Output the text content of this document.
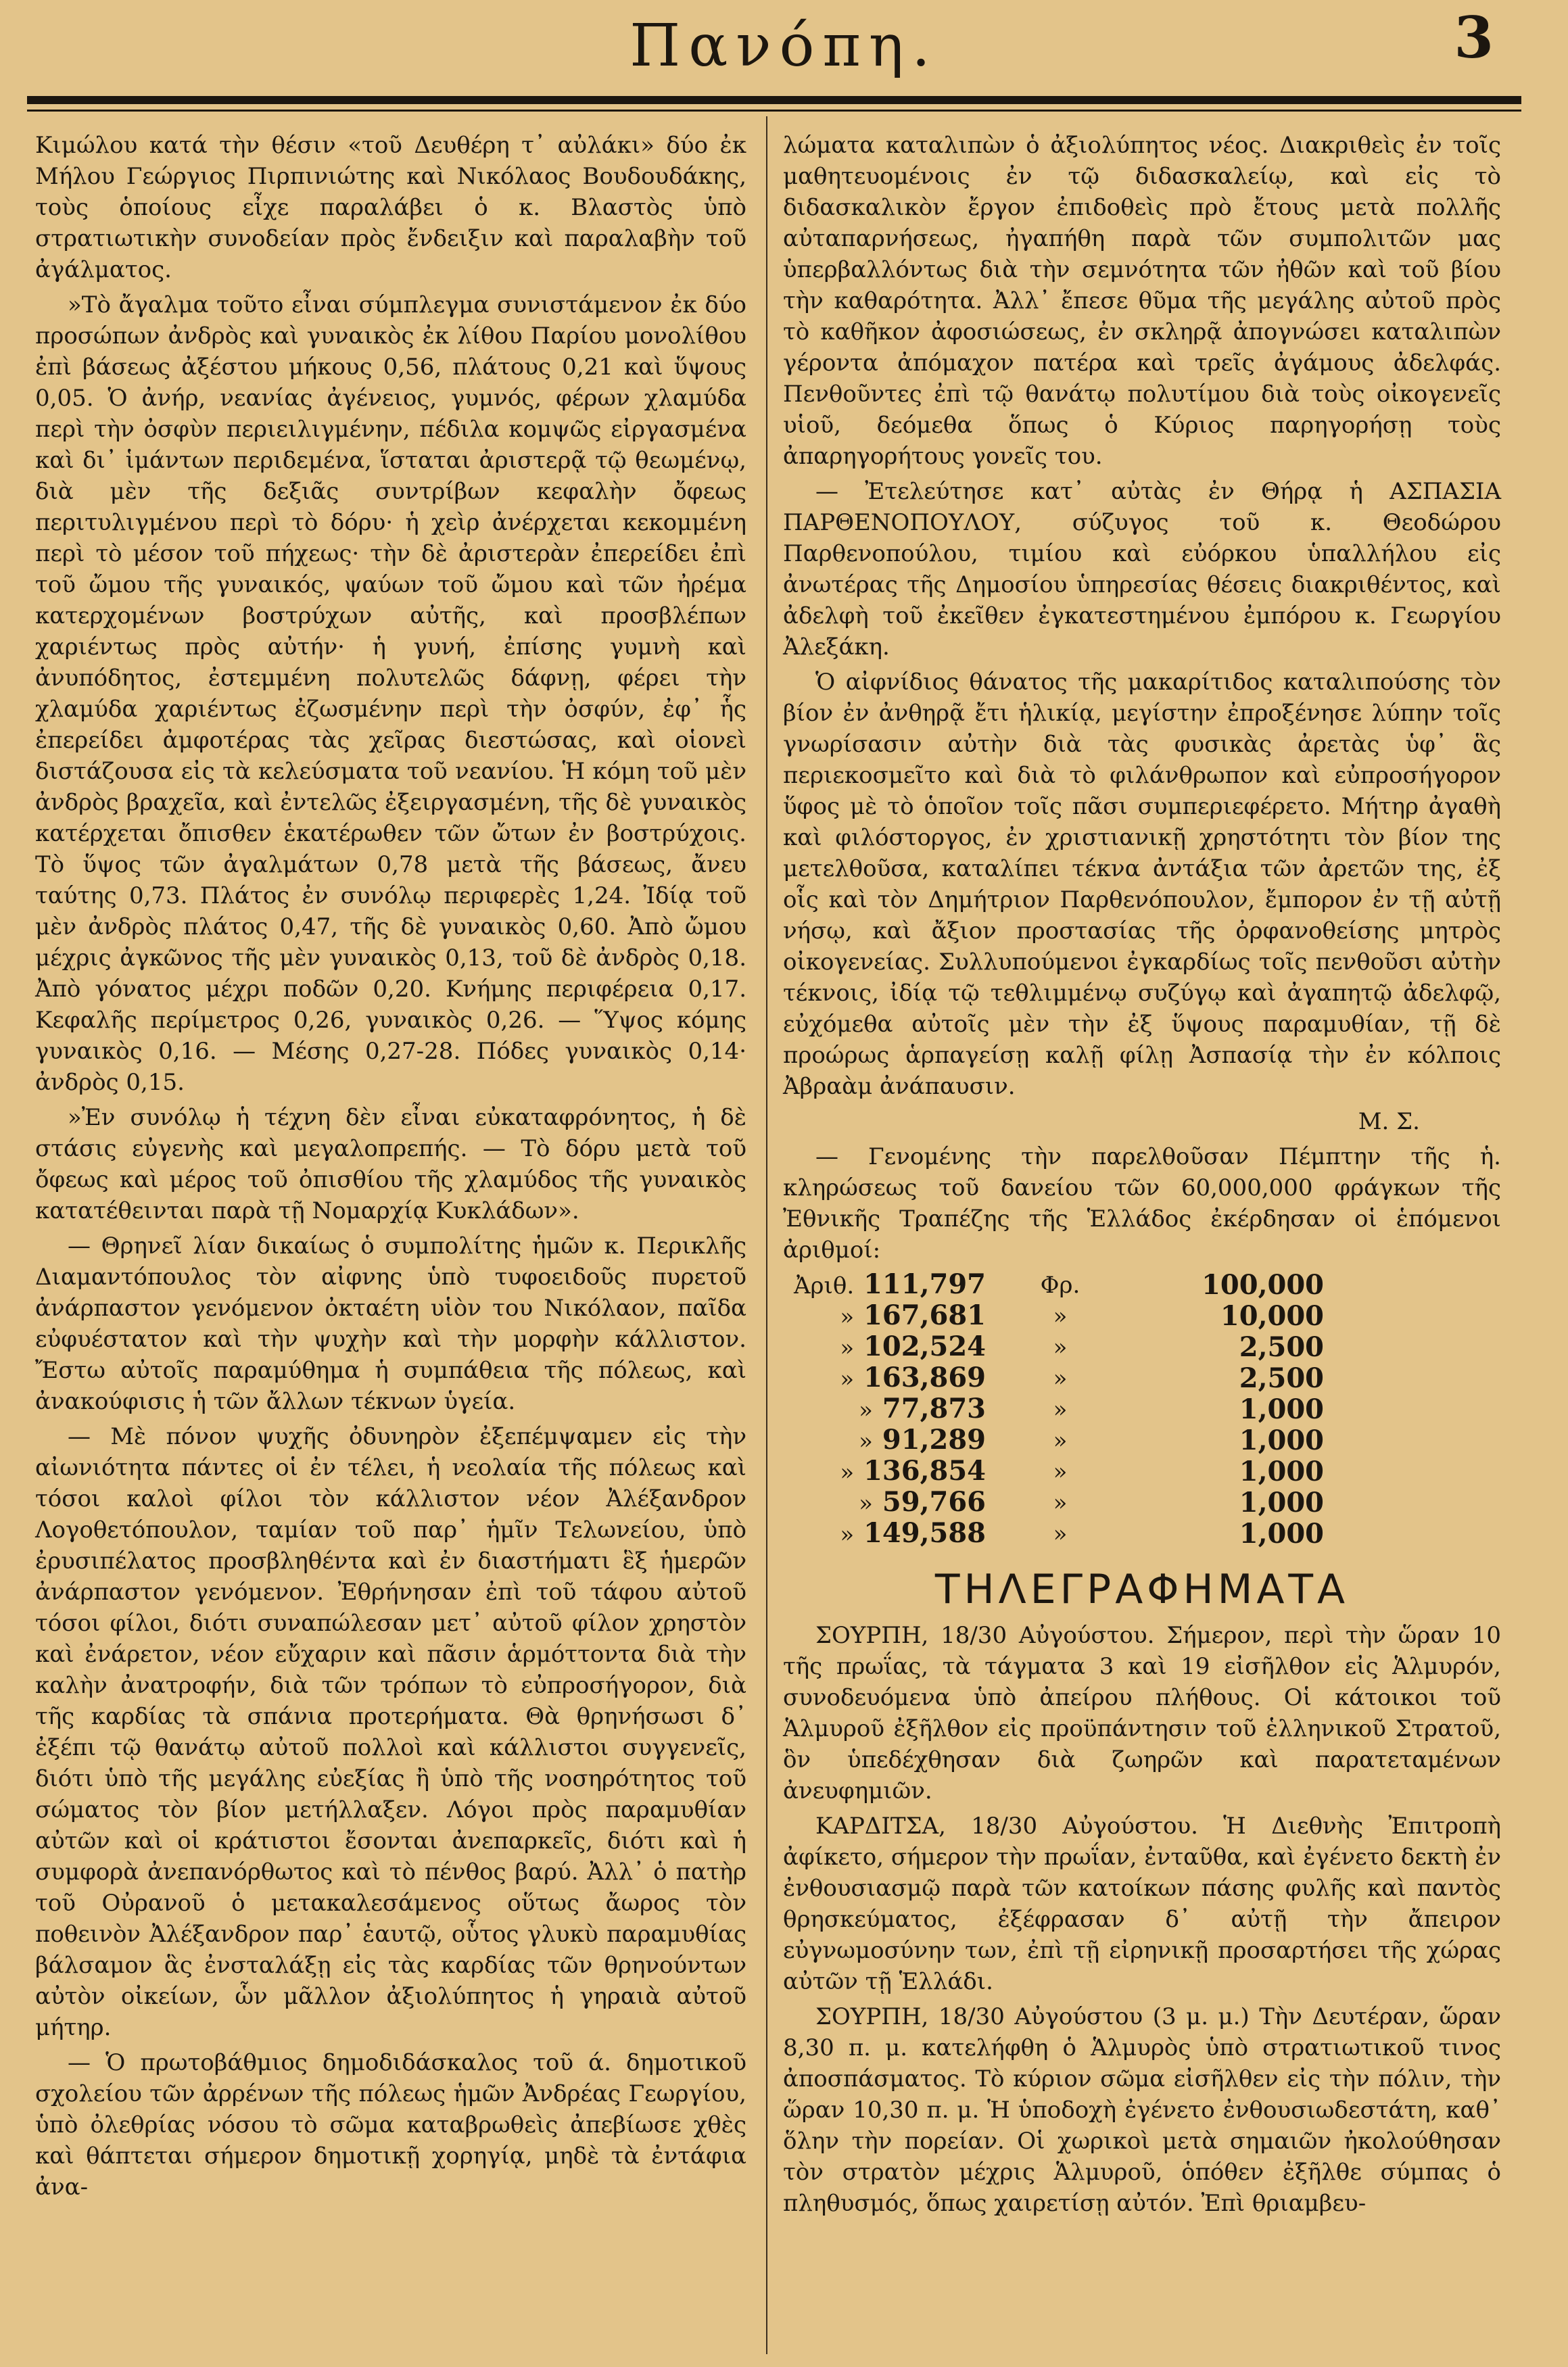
Πανόπη.	3

Κιμώλου κατά τὴν θέσιν «τοῦ Δευθέρη τ᾽ αὐλάκι» δύο ἐκ Μήλου Γεώργιος Πιρπινιώτης καὶ Νικόλαος Βουδουδάκης, τοὺς ὁποίους εἶχε παραλάβει ὁ κ. Βλαστὸς ὑπὸ στρατιωτικὴν συνοδείαν πρὸς ἔνδειξιν καὶ παραλαβὴν τοῦ ἀγάλματος.

»Τὸ ἄγαλμα τοῦτο εἶναι σύμπλεγμα συνιστάμενον ἐκ δύο προσώπων ἀνδρὸς καὶ γυναικὸς ἐκ λίθου Παρίου μονολίθου ἐπὶ βάσεως ἀξέστου μήκους 0,56, πλάτους 0,21 καὶ ὕψους 0,05. Ὁ ἀνήρ, νεανίας ἀγένειος, γυμνός, φέρων χλαμύδα περὶ τὴν ὀσφὺν περιειλιγμένην, πέδιλα κομψῶς εἰργασμένα καὶ δι᾽ ἱμάντων περιδεμένα, ἵσταται ἀριστερᾷ τῷ θεωμένῳ, διὰ μὲν τῆς δεξιᾶς συντρίβων κεφαλὴν ὄφεως περιτυλιγμένου περὶ τὸ δόρυ· ἡ χεὶρ ἀνέρχεται κεκομμένη περὶ τὸ μέσον τοῦ πήχεως· τὴν δὲ ἀριστερὰν ἐπερείδει ἐπὶ τοῦ ὤμου τῆς γυναικός, ψαύων τοῦ ὤμου καὶ τῶν ἠρέμα κατερχομένων βοστρύχων αὐτῆς, καὶ προσβλέπων χαριέντως πρὸς αὐτήν· ἡ γυνή, ἐπίσης γυμνὴ καὶ ἀνυπόδητος, ἐστεμμένη πολυτελῶς δάφνῃ, φέρει τὴν χλαμύδα χαριέντως ἐζωσμένην περὶ τὴν ὀσφύν, ἐφ᾽ ἧς ἐπερείδει ἀμφοτέρας τὰς χεῖρας διεστώσας, καὶ οἱονεὶ διστάζουσα εἰς τὰ κελεύσματα τοῦ νεανίου. Ἡ κόμη τοῦ μὲν ἀνδρὸς βραχεῖα, καὶ ἐντελῶς ἐξειργασμένη, τῆς δὲ γυναικὸς κατέρχεται ὄπισθεν ἑκατέρωθεν τῶν ὤτων ἐν βοστρύχοις. Τὸ ὕψος τῶν ἀγαλμάτων 0,78 μετὰ τῆς βάσεως, ἄνευ ταύτης 0,73. Πλάτος ἐν συνόλῳ περιφερὲς 1,24. Ἰδίᾳ τοῦ μὲν ἀνδρὸς πλάτος 0,47, τῆς δὲ γυναικὸς 0,60. Ἀπὸ ὤμου μέχρις ἀγκῶνος τῆς μὲν γυναικὸς 0,13, τοῦ δὲ ἀνδρὸς 0,18. Ἀπὸ γόνατος μέχρι ποδῶν 0,20. Κνήμης περιφέρεια 0,17. Κεφαλῆς περίμετρος 0,26, γυναικὸς 0,26. — Ὕψος κόμης γυναικὸς 0,16. — Μέσης 0,27-28. Πόδες γυναικὸς 0,14· ἀνδρὸς 0,15.

»Ἐν συνόλῳ ἡ τέχνη δὲν εἶναι εὐκαταφρόνητος, ἡ δὲ στάσις εὐγενὴς καὶ μεγαλοπρεπής. — Τὸ δόρυ μετὰ τοῦ ὄφεως καὶ μέρος τοῦ ὀπισθίου τῆς χλαμύδος τῆς γυναικὸς κατατέθεινται παρὰ τῇ Νομαρχίᾳ Κυκλάδων».

— Θρηνεῖ λίαν δικαίως ὁ συμπολίτης ἡμῶν κ. Περικλῆς Διαμαντόπουλος τὸν αἰφνης ὑπὸ τυφοειδοῦς πυρετοῦ ἀνάρπαστον γενόμενον ὀκταέτη υἱὸν του Νικόλαον, παῖδα εὐφυέστατον καὶ τὴν ψυχὴν καὶ τὴν μορφὴν κάλλιστον. Ἔστω αὐτοῖς παραμύθημα ἡ συμπάθεια τῆς πόλεως, καὶ ἀνακούφισις ἡ τῶν ἄλλων τέκνων ὑγεία.

— Μὲ πόνον ψυχῆς ὀδυνηρὸν ἐξεπέμψαμεν εἰς τὴν αἰωνιότητα πάντες οἱ ἐν τέλει, ἡ νεολαία τῆς πόλεως καὶ τόσοι καλοὶ φίλοι τὸν κάλλιστον νέον Ἀλέξανδρον Λογοθετόπουλον, ταμίαν τοῦ παρ᾽ ἡμῖν Τελωνείου, ὑπὸ ἐρυσιπέλατος προσβληθέντα καὶ ἐν διαστήματι ἓξ ἡμερῶν ἀνάρπαστον γενόμενον. Ἐθρήνησαν ἐπὶ τοῦ τάφου αὐτοῦ τόσοι φίλοι, διότι συναπώλεσαν μετ᾽ αὐτοῦ φίλον χρηστὸν καὶ ἐνάρετον, νέον εὔχαριν καὶ πᾶσιν ἁρμόττοντα διὰ τὴν καλὴν ἀνατροφήν, διὰ τῶν τρόπων τὸ εὐπροσήγορον, διὰ τῆς καρδίας τὰ σπάνια προτερήματα. Θὰ θρηνήσωσι δ᾽ ἐξέπι τῷ θανάτῳ αὐτοῦ πολλοὶ καὶ κάλλιστοι συγγενεῖς, διότι ὑπὸ τῆς μεγάλης εὐεξίας ἢ ὑπὸ τῆς νοσηρότητος τοῦ σώματος τὸν βίον μετήλλαξεν. Λόγοι πρὸς παραμυθίαν αὐτῶν καὶ οἱ κράτιστοι ἔσονται ἀνεπαρκεῖς, διότι καὶ ἡ συμφορὰ ἀνεπανόρθωτος καὶ τὸ πένθος βαρύ. Ἀλλ᾽ ὁ πατὴρ τοῦ Οὐρανοῦ ὁ μετακαλεσάμενος οὕτως ἄωρος τὸν ποθεινὸν Ἀλέξανδρον παρ᾽ ἑαυτῷ, οὗτος γλυκὺ παραμυθίας βάλσαμον ἃς ἐνσταλάξῃ εἰς τὰς καρδίας τῶν θρηνούντων αὐτὸν οἰκείων, ὧν μᾶλλον ἀξιολύπητος ἡ γηραιὰ αὐτοῦ μήτηρ.

— Ὁ πρωτοβάθμιος δημοδιδάσκαλος τοῦ ά. δημοτικοῦ σχολείου τῶν ἀρρένων τῆς πόλεως ἡμῶν Ἀνδρέας Γεωργίου, ὑπὸ ὀλεθρίας νόσου τὸ σῶμα καταβρωθεὶς ἀπεβίωσε χθὲς καὶ θάπτεται σήμερον δημοτικῇ χορηγίᾳ, μηδὲ τὰ ἐντάφια ἀνα-

λώματα καταλιπὼν ὁ ἀξιολύπητος νέος. Διακριθεὶς ἐν τοῖς μαθητευομένοις ἐν τῷ διδασκαλείῳ, καὶ εἰς τὸ διδασκαλικὸν ἔργον ἐπιδοθεὶς πρὸ ἔτους μετὰ πολλῆς αὐταπαρνήσεως, ἠγαπήθη παρὰ τῶν συμπολιτῶν μας ὑπερβαλλόντως διὰ τὴν σεμνότητα τῶν ἠθῶν καὶ τοῦ βίου τὴν καθαρότητα. Ἀλλ᾽ ἔπεσε θῦμα τῆς μεγάλης αὐτοῦ πρὸς τὸ καθῆκον ἀφοσιώσεως, ἐν σκληρᾷ ἀπογνώσει καταλιπὼν γέροντα ἀπόμαχον πατέρα καὶ τρεῖς ἀγάμους ἀδελφάς. Πενθοῦντες ἐπὶ τῷ θανάτῳ πολυτίμου διὰ τοὺς οἰκογενεῖς υἱοῦ, δεόμεθα ὅπως ὁ Κύριος παρηγορήσῃ τοὺς ἀπαρηγορήτους γονεῖς του.

— Ἐτελεύτησε κατ᾽ αὐτὰς ἐν Θήρᾳ ἡ ΑΣΠΑΣΙΑ ΠΑΡΘΕΝΟΠΟΥΛΟΥ, σύζυγος τοῦ κ. Θεοδώρου Παρθενοπούλου, τιμίου καὶ εὐόρκου ὑπαλλήλου εἰς ἀνωτέρας τῆς Δημοσίου ὑπηρεσίας θέσεις διακριθέντος, καὶ ἀδελφὴ τοῦ ἐκεῖθεν ἐγκατεστημένου ἐμπόρου κ. Γεωργίου Ἀλεξάκη.

Ὁ αἰφνίδιος θάνατος τῆς μακαρίτιδος καταλιπούσης τὸν βίον ἐν ἀνθηρᾷ ἔτι ἡλικίᾳ, μεγίστην ἐπροξένησε λύπην τοῖς γνωρίσασιν αὐτὴν διὰ τὰς φυσικὰς ἀρετὰς ὑφ᾽ ἃς περιεκοσμεῖτο καὶ διὰ τὸ φιλάνθρωπον καὶ εὐπροσήγορον ὕφος μὲ τὸ ὁποῖον τοῖς πᾶσι συμπεριεφέρετο. Μήτηρ ἀγαθὴ καὶ φιλόστοργος, ἐν χριστιανικῇ χρηστότητι τὸν βίον της μετελθοῦσα, καταλίπει τέκνα ἀντάξια τῶν ἀρετῶν της, ἐξ οἷς καὶ τὸν Δημήτριον Παρθενόπουλον, ἔμπορον ἐν τῇ αὐτῇ νήσῳ, καὶ ἄξιον προστασίας τῆς ὀρφανοθείσης μητρὸς οἰκογενείας. Συλλυπούμενοι ἐγκαρδίως τοῖς πενθοῦσι αὐτὴν τέκνοις, ἰδίᾳ τῷ τεθλιμμένῳ συζύγῳ καὶ ἀγαπητῷ ἀδελφῷ, εὐχόμεθα αὐτοῖς μὲν τὴν ἐξ ὕψους παραμυθίαν, τῇ δὲ προώρως ἁρπαγείσῃ καλῇ φίλῃ Ἀσπασίᾳ τὴν ἐν κόλποις Ἀβραὰμ ἀνάπαυσιν.

Μ. Σ.

— Γενομένης τὴν παρελθοῦσαν Πέμπτην τῆς ἡ. κληρώσεως τοῦ δανείου τῶν 60,000,000 φράγκων τῆς Ἐθνικῆς Τραπέζης τῆς Ἑλλάδος ἐκέρδησαν οἱ ἑπόμενοι ἀριθμοί:

Ἀριθ. 111,797	Φρ.	100,000
» 167,681	»	10,000
» 102,524	»	2,500
» 163,869	»	2,500
» 77,873	»	1,000
» 91,289	»	1,000
» 136,854	»	1,000
» 59,766	»	1,000
» 149,588	»	1,000
ΤΗΛΕΓΡΑΦΗΜΑΤΑ

ΣΟΥΡΠΗ, 18/30 Αὐγούστου. Σήμερον, περὶ τὴν ὥραν 10 τῆς πρωΐας, τὰ τάγματα 3 καὶ 19 εἰσῆλθον εἰς Ἁλμυρόν, συνοδευόμενα ὑπὸ ἀπείρου πλήθους. Οἱ κάτοικοι τοῦ Ἁλμυροῦ ἐξῆλθον εἰς προϋπάντησιν τοῦ ἑλληνικοῦ Στρατοῦ, ὃν ὑπεδέχθησαν διὰ ζωηρῶν καὶ παρατεταμένων ἀνευφημιῶν.

ΚΑΡΔΙΤΣΑ, 18/30 Αὐγούστου. Ἡ Διεθνὴς Ἐπιτροπὴ ἀφίκετο, σήμερον τὴν πρωΐαν, ἐνταῦθα, καὶ ἐγένετο δεκτὴ ἐν ἐνθουσιασμῷ παρὰ τῶν κατοίκων πάσης φυλῆς καὶ παντὸς θρησκεύματος, ἐξέφρασαν δ᾽ αὐτῇ τὴν ἄπειρον εὐγνωμοσύνην των, ἐπὶ τῇ εἰρηνικῇ προσαρτήσει τῆς χώρας αὐτῶν τῇ Ἑλλάδι.

ΣΟΥΡΠΗ, 18/30 Αὐγούστου (3 μ. μ.) Τὴν Δευτέραν, ὥραν 8,30 π. μ. κατελήφθη ὁ Ἁλμυρὸς ὑπὸ στρατιωτικοῦ τινος ἀποσπάσματος. Τὸ κύριον σῶμα εἰσῆλθεν εἰς τὴν πόλιν, τὴν ὥραν 10,30 π. μ. Ἡ ὑποδοχὴ ἐγένετο ἐνθουσιωδεστάτη, καθ᾽ ὅλην τὴν πορείαν. Οἱ χωρικοὶ μετὰ σημαιῶν ἠκολούθησαν τὸν στρατὸν μέχρις Ἁλμυροῦ, ὁπόθεν ἐξῆλθε σύμπας ὁ πληθυσμός, ὅπως χαιρετίσῃ αὐτόν. Ἐπὶ θριαμβευ-
